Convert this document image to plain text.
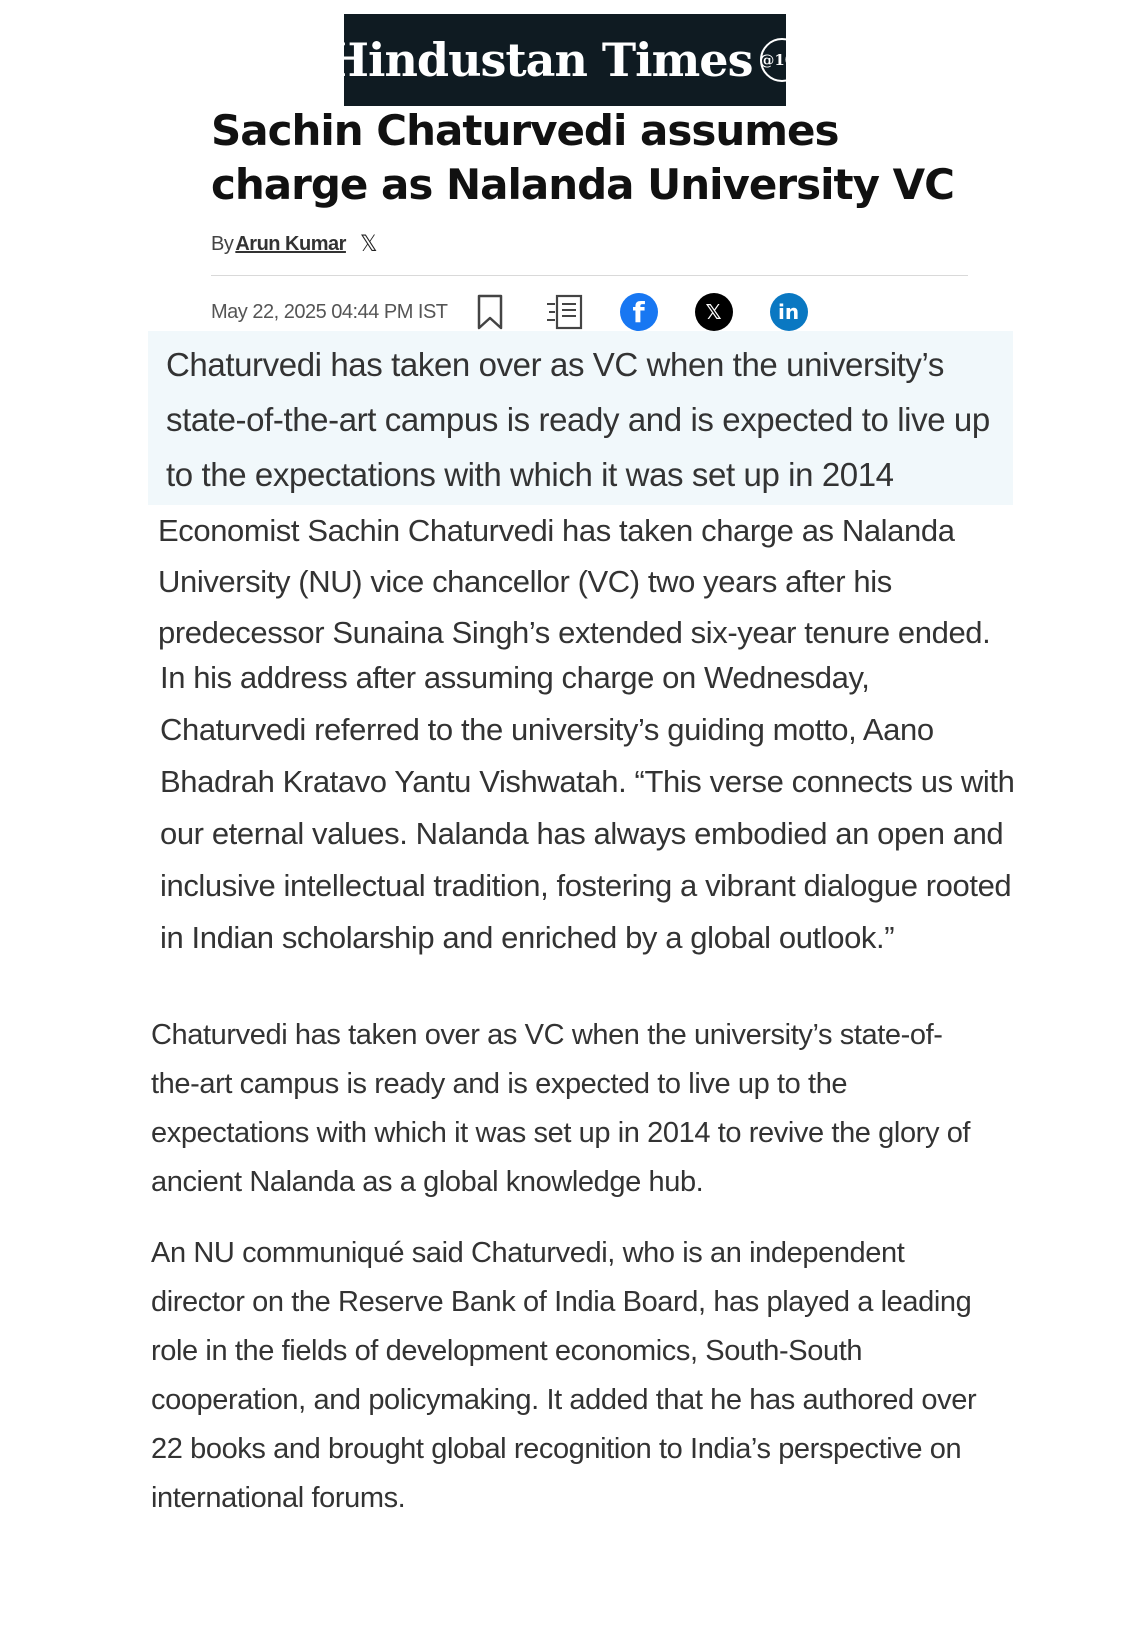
Hindustan Times @100
Sachin Chaturvedi assumes charge as Nalanda University VC
By Arun Kumar 𝕏
May 22, 2025 04:44 PM IST	f	𝕏	in
Chaturvedi has taken over as VC when the university’s state-of-the-art campus is ready and is expected to live up to the expectations with which it was set up in 2014

Economist Sachin Chaturvedi has taken charge as Nalanda University (NU) vice chancellor (VC) two years after his predecessor Sunaina Singh’s extended six-year tenure ended.

In his address after assuming charge on Wednesday, Chaturvedi referred to the university’s guiding motto, Aano Bhadrah Kratavo Yantu Vishwatah. “This verse connects us with our eternal values. Nalanda has always embodied an open and inclusive intellectual tradition, fostering a vibrant dialogue rooted in Indian scholarship and enriched by a global outlook.”

Chaturvedi has taken over as VC when the university’s state-of-the-art campus is ready and is expected to live up to the expectations with which it was set up in 2014 to revive the glory of ancient Nalanda as a global knowledge hub.

An NU communiqué said Chaturvedi, who is an independent director on the Reserve Bank of India Board, has played a leading role in the fields of development economics, South-South cooperation, and policymaking. It added that he has authored over 22 books and brought global recognition to India’s perspective on international forums.
